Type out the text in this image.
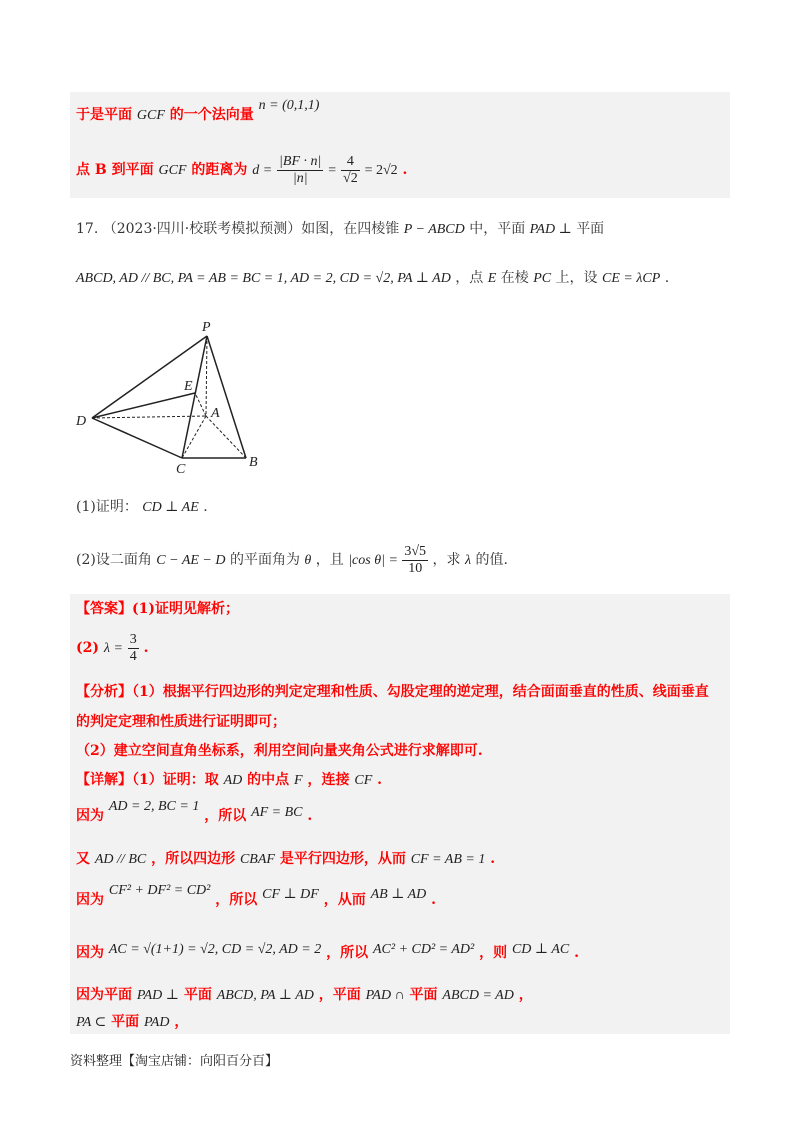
于是平面 GCF 的一个法向量 n = (0,1,1)
点 B 到平面 GCF 的距离为 $d = \frac{|BF \cdot n|}{|n|} = \frac{4}{√2} = 2√2$ .
17. （2023·四川·校联考模拟预测）如图，在四棱锥 P − ABCD 中，平面 PAD ⊥ 平面
ABCD, AD // BC, PA = AB = BC = 1, AD = 2, CD = √2, PA ⊥ AD ，点 E 在棱 PC 上，设 CE = λCP .
P
E
A
D
C	B
(1)证明： CD ⊥ AE .
(2)设二面角 C − AE − D 的平面角为 θ ，且 |cos $\theta| = \frac{3√5}{10}$ ，求 λ 的值.
【答案】(1)证明见解析；
(2) $\lambda = \frac{3}{4}$ .
【分析】（1）根据平行四边形的判定定理和性质、勾股定理的逆定理，结合面面垂直的性质、线面垂直
的判定定理和性质进行证明即可；
（2）建立空间直角坐标系，利用空间向量夹角公式进行求解即可.
【详解】（1）证明：取 AD 的中点 F ，连接 CF .
因为 AD = 2, BC = 1 ，所以 AF = BC .
又 AD // BC ，所以四边形 CBAF 是平行四边形，从而 CF = AB = 1 .
因为 CF² + DF² = CD² ，所以 CF ⊥ DF ，从而 AB ⊥ AD .
因为 AC = √(1+1) = √2, CD = √2, AD = 2 ，所以 AC² + CD² = AD² ，则 CD ⊥ AC .
因为平面 PAD ⊥ 平面 ABCD, PA ⊥ AD ，平面 PAD ∩ 平面 ABCD = AD ，
PA ⊂ 平面 PAD ，
资料整理【淘宝店铺：向阳百分百】
